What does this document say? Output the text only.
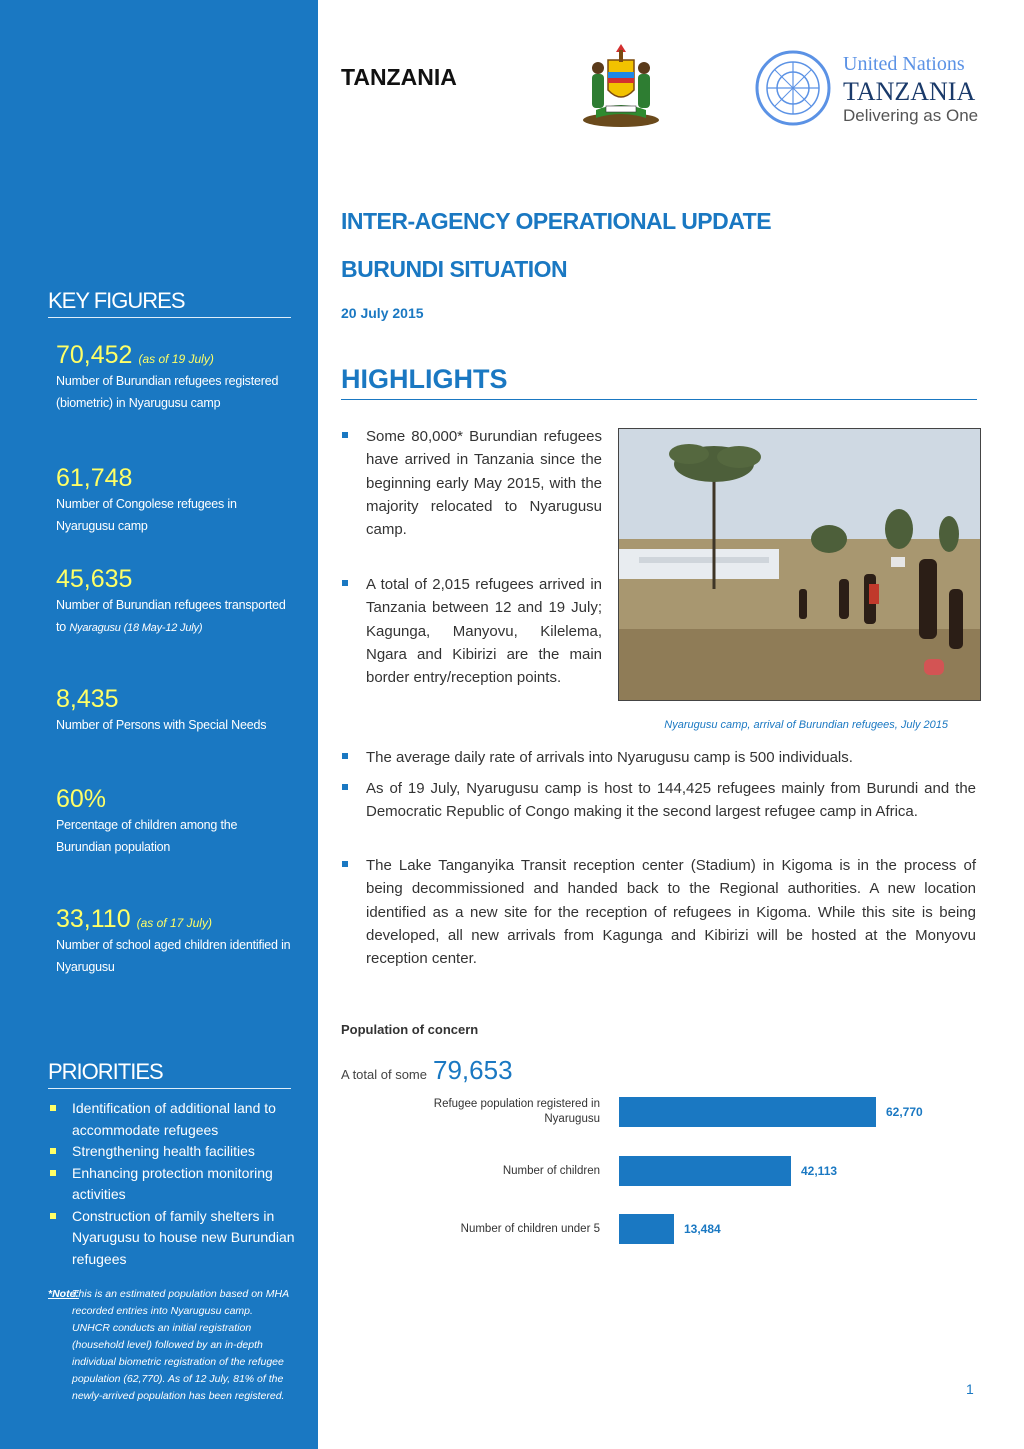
KEY FIGURES
70,452 (as of 19 July)
Number of Burundian refugees registered (biometric) in Nyarugusu camp
61,748
Number of Congolese refugees in Nyarugusu camp
45,635
Number of Burundian refugees transported to Nyaragusu (18 May-12 July)
8,435
Number of Persons with Special Needs
60%
Percentage of children among the Burundian population
33,110 (as of 17 July)
Number of school aged children identified in Nyarugusu
PRIORITIES
Identification of additional land to accommodate refugees
Strengthening health facilities
Enhancing protection monitoring activities
Construction of family shelters in Nyarugusu to house new Burundian refugees
*Note:
This is an estimated population based on MHA recorded entries into Nyarugusu camp. UNHCR conducts an initial registration (household level) followed by an in-depth individual biometric registration of the refugee population (62,770). As of 12 July, 81% of the newly-arrived population has been registered.
TANZANIA	United Nations
TANZANIA
Delivering as One
INTER-AGENCY OPERATIONAL UPDATE
BURUNDI SITUATION
20 July 2015
HIGHLIGHTS
Some 80,000* Burundian refugees have arrived in Tanzania since the beginning early May 2015, with the majority relocated to Nyarugusu camp.
A total of 2,015 refugees arrived in Tanzania between 12 and 19 July; Kagunga, Manyovu, Kilelema, Ngara and Kibirizi are the main border entry/reception points.
Nyarugusu camp, arrival of Burundian refugees, July 2015
The average daily rate of arrivals into Nyarugusu camp is 500 individuals.
As of 19 July, Nyarugusu camp is host to 144,425 refugees mainly from Burundi and the Democratic Republic of Congo making it the second largest refugee camp in Africa.
The Lake Tanganyika Transit reception center (Stadium) in Kigoma is in the process of being decommissioned and handed back to the Regional authorities. A new location identified as a new site for the reception of refugees in Kigoma. While this site is being developed, all new arrivals from Kagunga and Kibirizi will be hosted at the Monyovu reception center.
Population of concern
A total of some 79,653
Refugee population registered in Nyarugusu	62,770
Number of children	42,113
Number of children under 5	13,484
1
